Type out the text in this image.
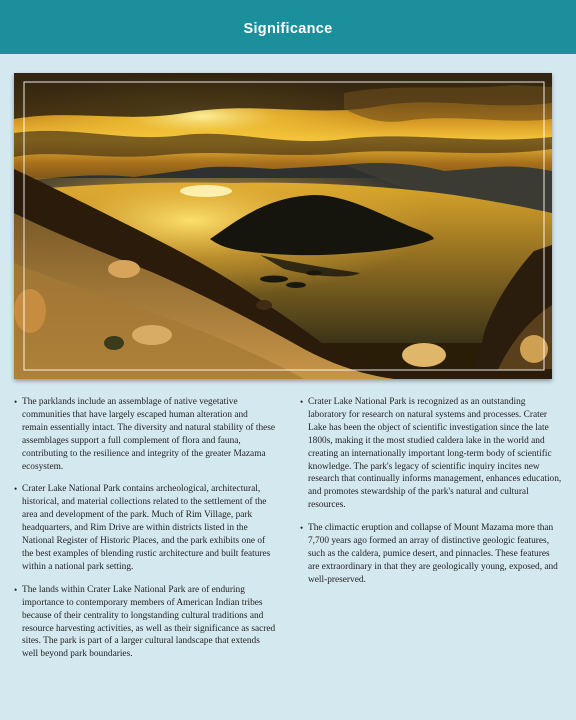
Significance

• The parklands include an assemblage of native vegetative communities that have largely escaped human alteration and remain essentially intact. The diversity and natural stability of these assemblages support a full complement of flora and fauna, contributing to the resilience and integrity of the greater Mazama ecosystem.

• Crater Lake National Park contains archeological, architectural, historical, and material collections related to the settlement of the area and development of the park. Much of Rim Village, park headquarters, and Rim Drive are within districts listed in the National Register of Historic Places, and the park exhibits one of the best examples of blending rustic architecture and built features within a national park setting.

• The lands within Crater Lake National Park are of enduring importance to contemporary members of American Indian tribes because of their centrality to longstanding cultural traditions and resource harvesting activities, as well as their significance as sacred sites. The park is part of a larger cultural landscape that extends well beyond park boundaries.

• Crater Lake National Park is recognized as an outstanding laboratory for research on natural systems and processes. Crater Lake has been the object of scientific investigation since the late 1800s, making it the most studied caldera lake in the world and creating an internationally important long-term body of scientific knowledge. The park's legacy of scientific inquiry incites new research that continually informs management, enhances education, and promotes stewardship of the park's natural and cultural resources.

• The climactic eruption and collapse of Mount Mazama more than 7,700 years ago formed an array of distinctive geologic features, such as the caldera, pumice desert, and pinnacles. These features are extraordinary in that they are geologically young, exposed, and well-preserved.
